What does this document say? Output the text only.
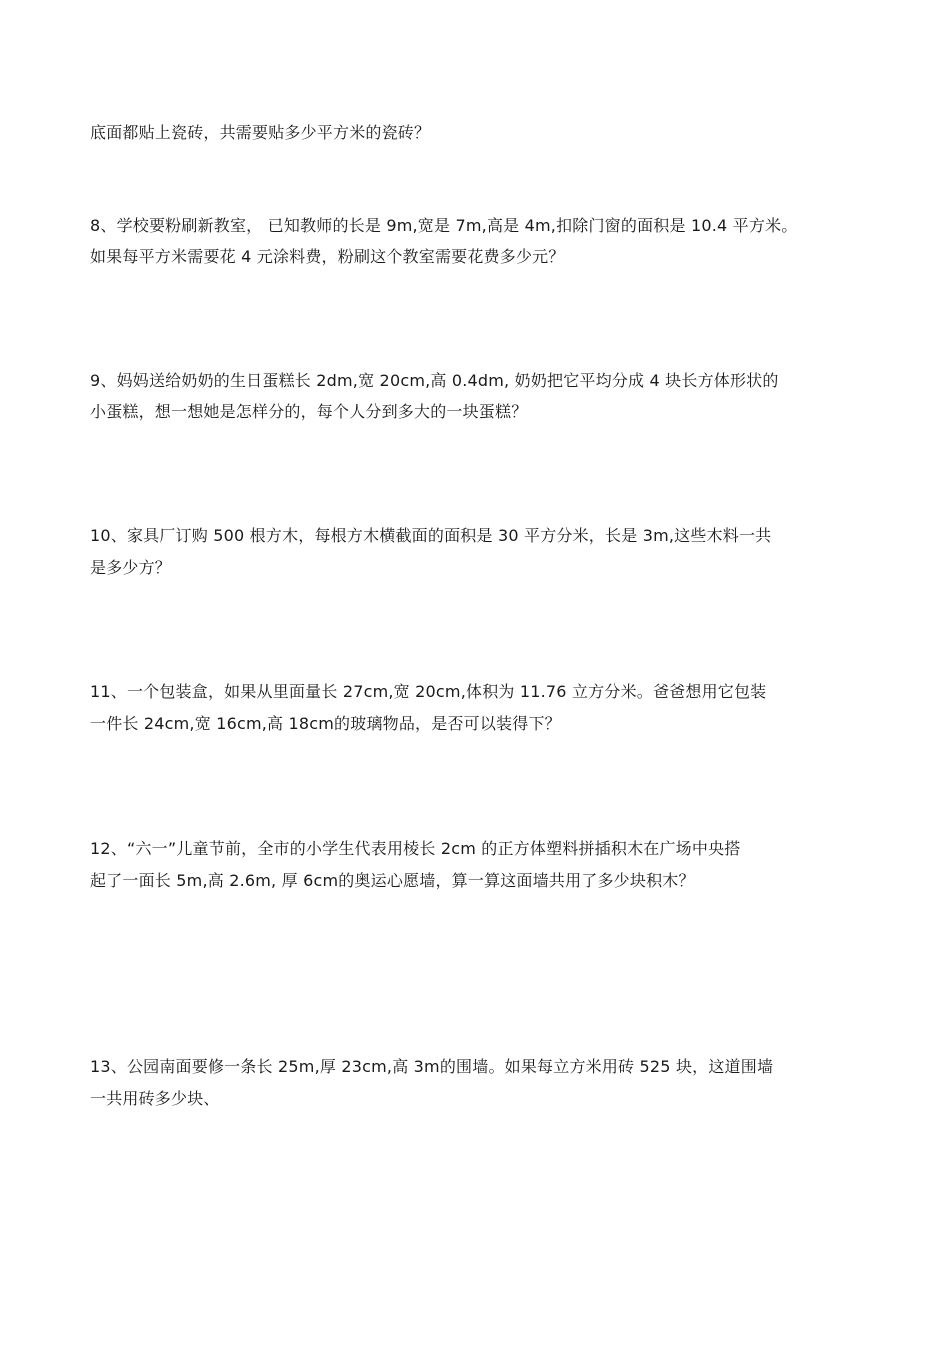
底面都贴上瓷砖，共需要贴多少平方米的瓷砖？
8、学校要粉刷新教室， 已知教师的长是 9m,宽是 7m,高是 4m,扣除门窗的面积是 10.4 平方米。
如果每平方米需要花 4 元涂料费，粉刷这个教室需要花费多少元？
9、妈妈送给奶奶的生日蛋糕长 2dm,宽 20cm,高 0.4dm, 奶奶把它平均分成 4 块长方体形状的
小蛋糕，想一想她是怎样分的，每个人分到多大的一块蛋糕？
10、家具厂订购 500 根方木，每根方木横截面的面积是 30 平方分米，长是 3m,这些木料一共
是多少方？
11、一个包装盒，如果从里面量长 27cm,宽 20cm,体积为 11.76 立方分米。爸爸想用它包装
一件长 24cm,宽 16cm,高 18cm的玻璃物品，是否可以装得下？
12、“六一”儿童节前，全市的小学生代表用棱长 2cm 的正方体塑料拼插积木在广场中央搭
起了一面长 5m,高 2.6m, 厚 6cm的奥运心愿墙，算一算这面墙共用了多少块积木？
13、公园南面要修一条长 25m,厚 23cm,高 3m的围墙。如果每立方米用砖 525 块，这道围墙
一共用砖多少块、
